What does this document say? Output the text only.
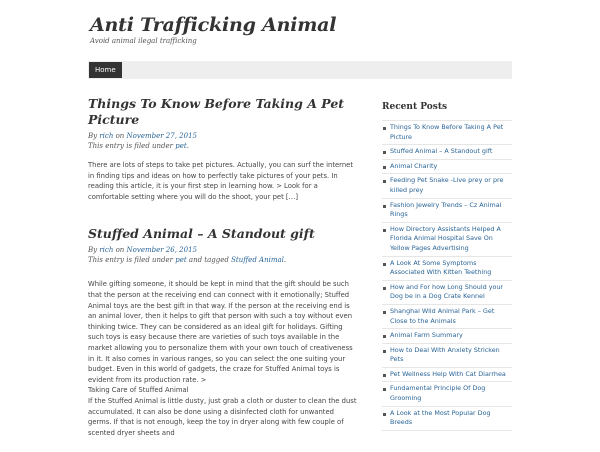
Anti Trafficking Animal
Avoid animal ilegal trafficking
Home
Things To Know Before Taking A Pet Picture
By rich on November 27, 2015
This entry is filed under pet.

There are lots of steps to take pet pictures. Actually, you can surf the internet in finding tips and ideas on how to perfectly take pictures of your pets. In reading this article, it is your first step in learning how. > Look for a comfortable setting where you will do the shoot, your pet […]

Stuffed Animal – A Standout gift
By rich on November 26, 2015
This entry is filed under pet and tagged Stuffed Animal.

While gifting someone, it should be kept in mind that the gift should be such that the person at the receiving end can connect with it emotionally; Stuffed Animal toys are the best gift in that way. If the person at the receiving end is an animal lover, then it helps to gift that person with such a toy without even thinking twice. They can be considered as an ideal gift for holidays. Gifting such toys is easy because there are varieties of such toys available in the market allowing you to personalize them with your own touch of creativeness in it. It also comes in various ranges, so you can select the one suiting your budget. Even in this world of gadgets, the craze for Stuffed Animal toys is evident from its production rate. >

Taking Care of Stuffed Animal

If the Stuffed Animal is little dusty, just grab a cloth or duster to clean the dust accumulated. It can also be done using a disinfected cloth for unwanted germs. If that is not enough, keep the toy in dryer along with few couple of scented dryer sheets and

Recent Posts
Things To Know Before Taking A Pet Picture
Stuffed Animal – A Standout gift
Animal Charity
Feeding Pet Snake -Live prey or pre killed prey
Fashion Jewelry Trends – Cz Animal Rings
How Directory Assistants Helped A Florida Animal Hospital Save On Yellow Pages Advertising
A Look At Some Symptoms Associated With Kitten Teething
How and For how Long Should your Dog be in a Dog Crate Kennel
Shanghai Wild Animal Park – Get Close to the Animals
Animal Farm Summary
How to Deal With Anxiety Stricken Pets
Pet Wellness Help With Cat Diarrhea
Fundamental Principle Of Dog Grooming
A Look at the Most Popular Dog Breeds
